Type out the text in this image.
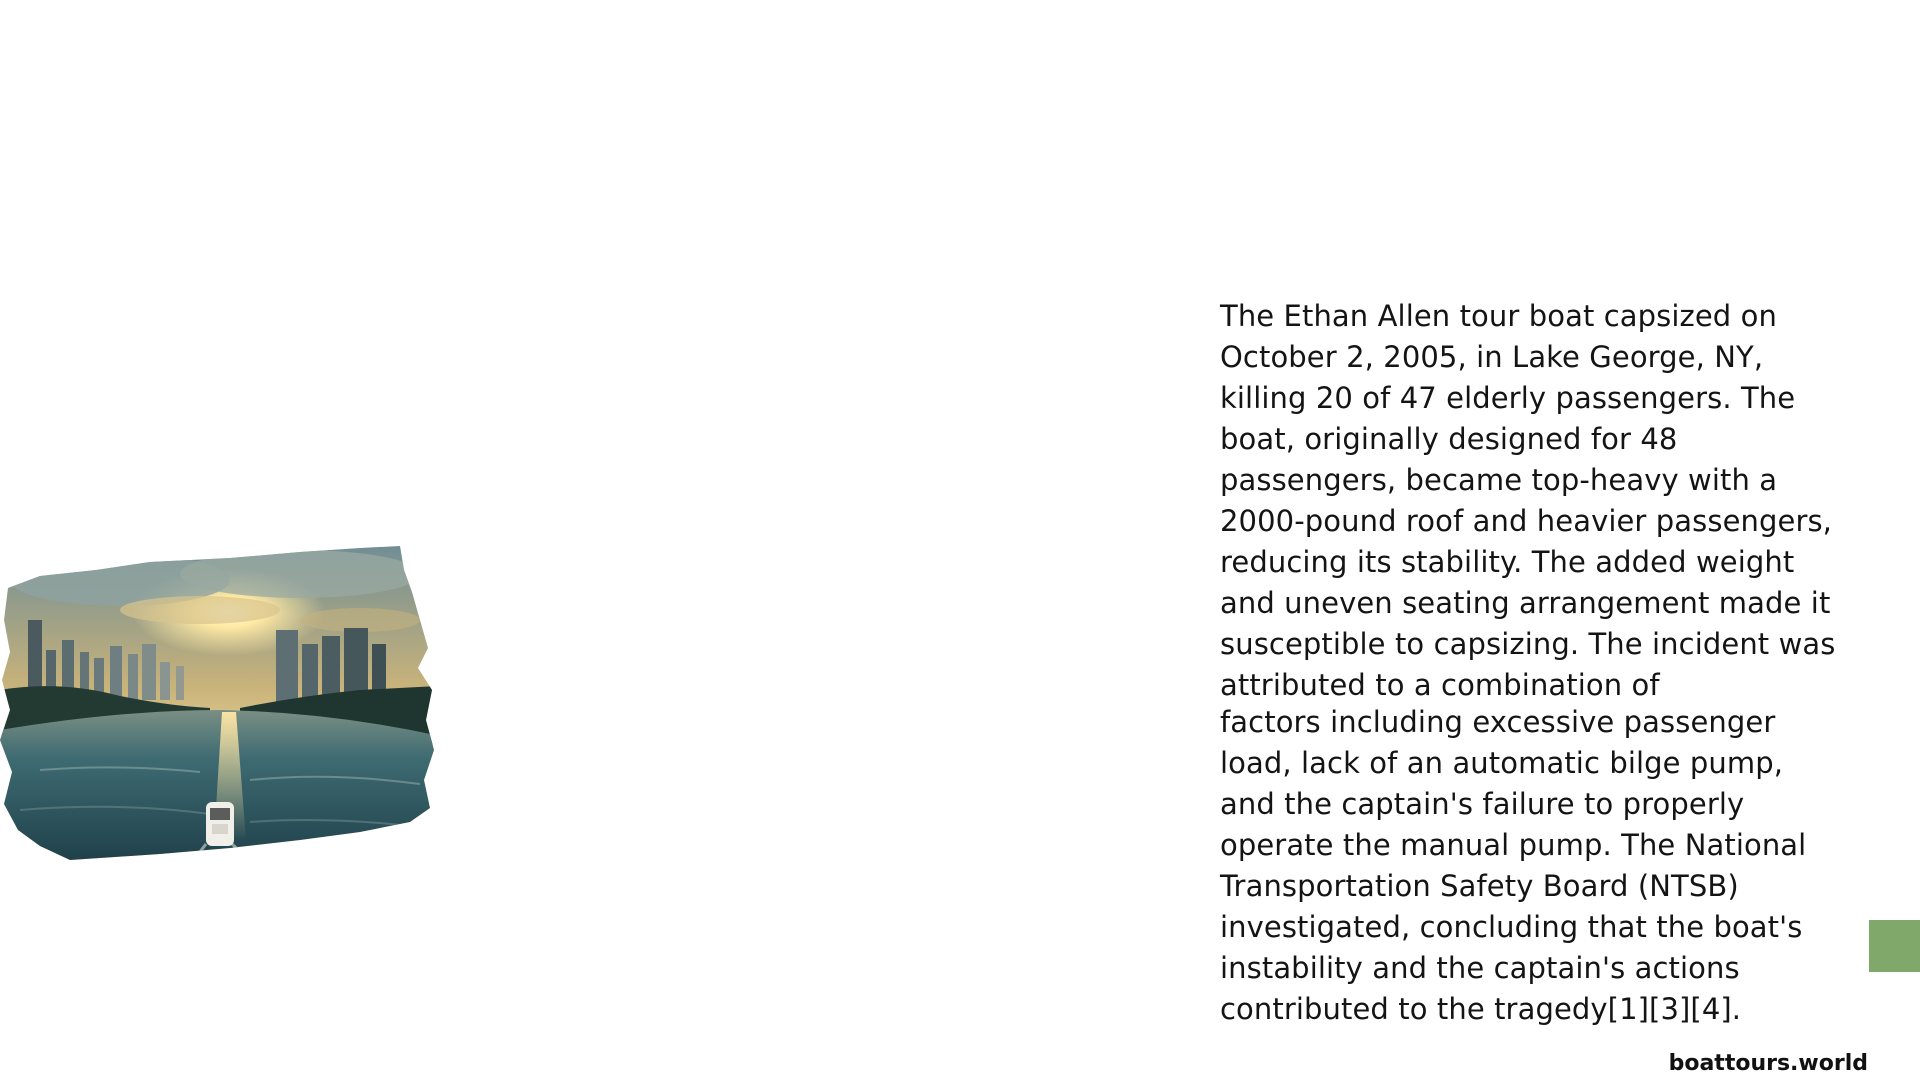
The Ethan Allen tour boat capsized on October 2, 2005, in Lake George, NY, killing 20 of 47 elderly passengers. The boat, originally designed for 48 passengers, became top-heavy with a 2000-pound roof and heavier passengers, reducing its stability. The added weight and uneven seating arrangement made it susceptible to capsizing. The incident was attributed to a combination of

factors including excessive passenger load, lack of an automatic bilge pump, and the captain's failure to properly operate the manual pump. The National Transportation Safety Board (NTSB) investigated, concluding that the boat's instability and the captain's actions contributed to the tragedy[1][3][4].

boattours.world
